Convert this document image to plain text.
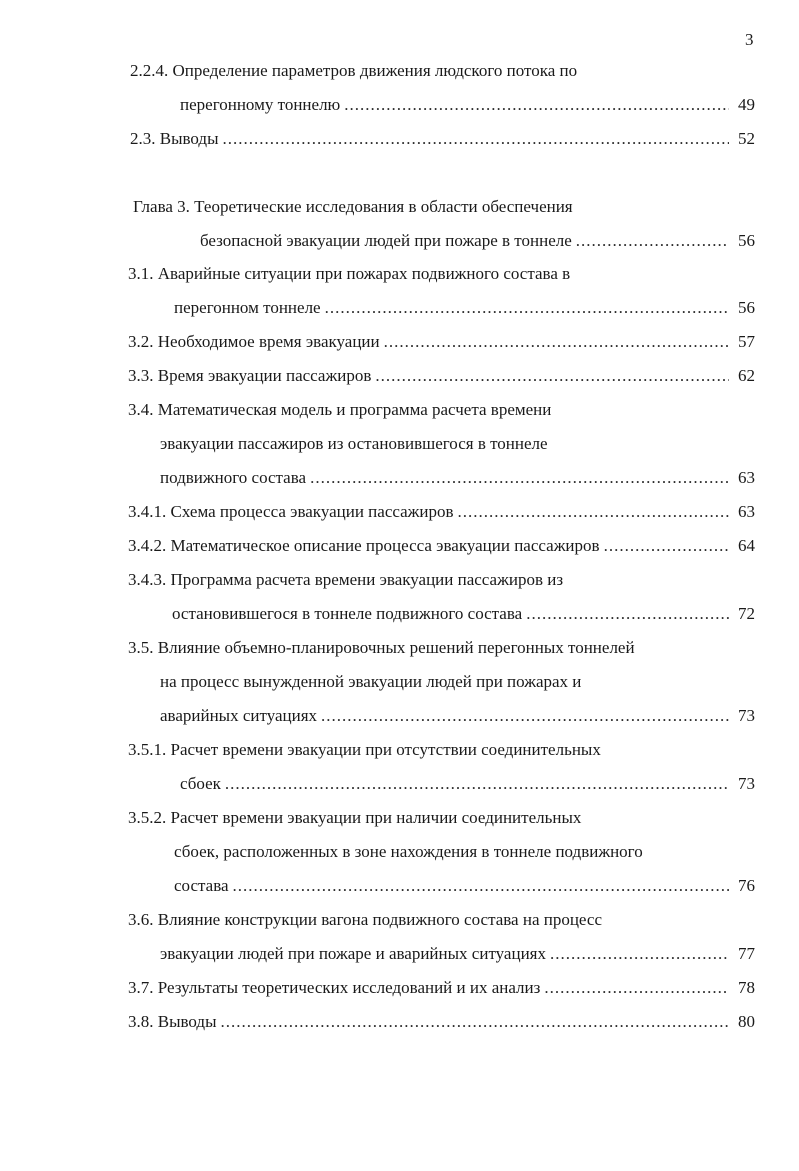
3
2.2.4. Определение параметров движения людского потока по
перегонному тоннелю .....	49
2.3. Выводы .....	52
Глава 3. Теоретические исследования в области обеспечения
безопасной эвакуации людей при пожаре в тоннеле .....	56
3.1. Аварийные ситуации при пожарах подвижного состава в
перегонном тоннеле .....	56
3.2. Необходимое время эвакуации .....	57
3.3. Время эвакуации пассажиров .....	62
3.4. Математическая модель и программа расчета времени
эвакуации пассажиров из остановившегося в тоннеле
подвижного состава .....	63
3.4.1. Схема процесса эвакуации пассажиров .....	63
3.4.2. Математическое описание процесса эвакуации пассажиров .....	64
3.4.3. Программа расчета времени эвакуации пассажиров из
остановившегося в тоннеле подвижного состава .....	72
3.5. Влияние объемно-планировочных решений перегонных тоннелей
на процесс вынужденной эвакуации людей при пожарах и
аварийных ситуациях .....	73
3.5.1. Расчет времени эвакуации при отсутствии соединительных
сбоек .....	73
3.5.2. Расчет времени эвакуации при наличии соединительных
сбоек, расположенных в зоне нахождения в тоннеле подвижного
состава .....	76
3.6. Влияние конструкции вагона подвижного состава на процесс
эвакуации людей при пожаре и аварийных ситуациях .....	77
3.7. Результаты теоретических исследований и их анализ .....	78
3.8. Выводы .....	80
